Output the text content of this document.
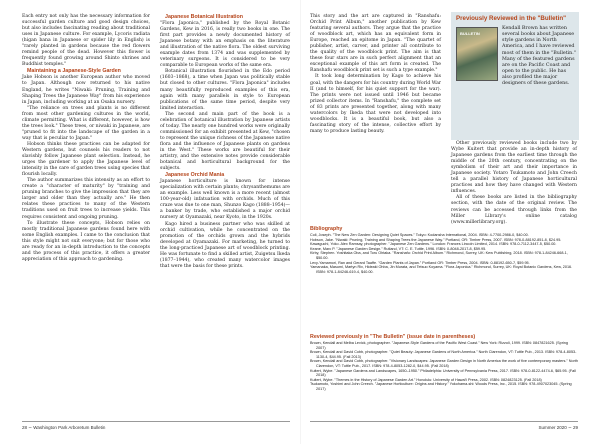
Each entry not only has the necessary information for successful garden culture and good design choices, but also includes fascinating reading about traditional uses in Japanese culture. For example, Lycoris radiata (higan bana in Japanese or spider lily in English) is "rarely planted in gardens because the red flowers remind people of the dead. However this flower is frequently found growing around Shinto shrines and Buddhist temples."

Maintaining a Japanese-Style Garden

Jake Hobson is another European author who moved to Japan. Although now returned to his native England, he writes "Niwaki: Pruning, Training and Shaping Trees the Japanese Way" from his experience in Japan, including working at an Osaka nursery.

"The reliance on trees and plants is no different from most other gardening cultures in the world, climate permitting. What is different, however, is how the trees look." These trees, or niwaki in Japanese, are "pruned to fit into the landscape of the garden in a way that is peculiar to Japan."

Hobson thinks these practices can be adapted for Western gardens, but counsels his readers to not slavishly follow Japanese plant selection. Instead, he urges the gardener to apply the Japanese level of intensity in the care of garden trees using species that flourish locally.

The author summarizes this intensity as an effort to create a "character of maturity" by "training and pruning branches to give the impression that they are larger and older than they actually are." He then relates these practices to many of the Western traditions used on fruit trees to increase yields. This requires consistent and ongoing pruning.

To illustrate these concepts, Hobson relies on mostly traditional Japanese gardens found here with some English examples. I came to the conclusion that this style might not suit everyone; but for those who are ready for an in-depth introduction to the concepts and the process of this practice, it offers a greater appreciation of this approach to gardening.

Japanese Botanical Illustration

"Flora Japonica," published by the Royal Botanic Gardens, Kew in 2016, is really two books in one. The first part provides a newly documented history of Japanese botany with an emphasis on the literature and illustration of the native flora. The oldest surviving example dates from 1374 and was supplemented by veterinary surgeons. It is considered to be very comparable to European works of the same era.

Botanical illustration flourished in the Edo period (1603–1868), a time when Japan was politically stable but closed to other cultures. "Flora Japonica" includes many beautifully reproduced examples of this era, again with many parallels in style to European publications of the same time period, despite very limited interaction.

The second and main part of the book is a celebration of botanical illustration by Japanese artists of today. The nearly one hundred works were originally commissioned for an exhibit presented at Kew, "chosen to represent the unique richness of the Japanese native flora and the influence of Japanese plants on gardens in the West." These works are beautiful for their artistry, and the extensive notes provide considerable botanical and horticultural background for the subjects.

Japanese Orchid Mania

Japanese horticulture is known for intense specialization with certain plants; chrysanthemums are an example. Less well known is a more recent (almost 100-year-old) infatuation with orchids. Much of this craze was due to one man, Shunzo Kago (1888–1954)—a banker by trade, who established a major orchid nursery at Oyamazaki, near Kyoto, in the 1920s.

Kago hired a business partner who was skilled at orchid cultivation, while he concentrated on the promotion of the orchids grown and the hybrids developed at Oyamazaki. For marketing, he turned to the long-practiced Japanese art of woodblock printing. He was fortunate to find a skilled artist, Zuigetsu Ikeda (1877–1944), who created many watercolor images that were the basis for these prints.

This story and the art are captured in "Ranshafu: Orchid Print Album," another publication by Kew featuring several authors. They argue that the practice of woodblock art, which has an equivalent form in Europe, reached an epitome in Japan. "The quartet of publisher, artist, carver, and printer all contribute to the quality of the woodblock print. The aim is that these four stars are in such perfect alignment that an exceptional example of this art form is created. The Ranshafu woodblock print set is such a type example."

It took long determination by Kago to achieve his goal, with the dangers for his country during World War II (and to himself, for his quiet support for the war). The prints were not issued until 1946 but became prized collector items. In "Ranshafu," the complete set of 83 prints are presented together, along with many watercolors by Ikeda that were not developed into woodblocks. It is a beautiful book, but also a fascinating story of the intense, collective effort by many to produce lasting beauty.

Previously Reviewed in the "Bulletin"
BULLETIN
Kendall Brown has written several books about Japanese style gardens in North America, and I have reviewed most of them in the "Bulletin." Many of the featured gardens are on the Pacific Coast and open to the public. He has also profiled the major designers of these gardens.

Other previously reviewed books include two by Wybe Kuitert that provide an in-depth history of Japanese gardens from the earliest time through the middle of the 20th century, concentrating on the symbolism of their art and their importance in Japanese society. Yotaro Tsukamoto and John Creech tell a parallel history of Japanese horticultural practices and how they have changed with Western influences.

All of these books are listed in the bibliography section, with the date of the original review. The reviews can be accessed through links from the Miller Library's online catalog (www.millerlibrary.org).

Bibliography

Coli, Joseph. "The New Zen Garden: Designing Quiet Spaces." Tokyo: Kodansha International, 2004. ISBN: 4-7700-2986-0, $40.00.

Hobson, Jake. "Niwaki: Pruning, Training and Shaping Trees the Japanese Way." Portland, OR: Timber Press, 2007. ISBN: 978-0-88192-851-8, $24.95.

Kawaguchi, Yoko. Alex Ramsay, photographer. "Japanese Zen Gardens." London: Frances Lincoln Limited, 2014. ISBN: 978-0-7112-3447-5, $50.00.

Keane, Marc P. "Japanese Garden Design." Rutland, VT: C. E. Tuttle, 1996. ISBN: 0-8048-2017-8, $59.95.

Kirby, Stephen. Yoshitaka Oba, and Toru Ohtaka. "Ranshafu: Orchid Print Album." Richmond, Surrey, UK: Kew Publishing, 2018. ISBN: 978-1-84246-668-1, $50.00.

Levy-Yamamori, Ran and Gerard Taaffe. "Garden Plants of Japan." Portland OR: Timber Press, 2004. ISBN: 0-88192-650-7, $59.95.

Yamanaka, Masumi, Martyn Rix, Hideaki Ohba, Jin Murata, and Tetsuo Koyama. "Flora Japonica." Richmond, Surrey, UK: Royal Botanic Gardens, Kew, 2016. ISBN: 978-1-84246-619-4, $40.00.

Reviewed previously in "The Bulletin" (issue date in parentheses)

Brown, Kendall and Melba Levick, photographer. "Japanese-Style Gardens of the Pacific West Coast." New York: Rizzoli, 1999. ISBN: 0847821625. (Spring 2007)

Brown, Kendall and David Cobb, photographer. "Quiet Beauty: Japanese Gardens of North America." North Clarendon, VT: Tuttle Pub., 2013. ISBN: 978-4-8053-1130-4, $44.95. (Fall 2013)

Brown, Kendall and David Cobb, photographer. "Visionary Landscapes: Japanese Garden Design in North America the work of five contemporary masters." North Clarendon, VT: Tuttle Pub., 2017. ISBN: 978-4-8053-1282-0, $44.95. (Fall 2018)

Kuitert, Wybe. "Japanese Gardens and Landscapes, 1650–1950." Philadelphia: University of Pennsylvania Press, 2017. ISBN: 978-0-8122-4474-6, $65.95. (Fall 2018)

Kuitert, Wybe. "Themes in the History of Japanese Garden Art." Honolulu: University of Hawai'i Press, 2002. ISBN: 0824823125. (Fall 2018)

Tsukamoto, Yoshimi and John Creech. "Japanese Horticulture: Origins and History." Yokohama-shi: Woods Press, Inc., 2015. ISBN: 978-4907023045. (Spring 2017)

28 ∼ Washington Park Arboretum Bulletin	Summer 2020 ∼ 29
